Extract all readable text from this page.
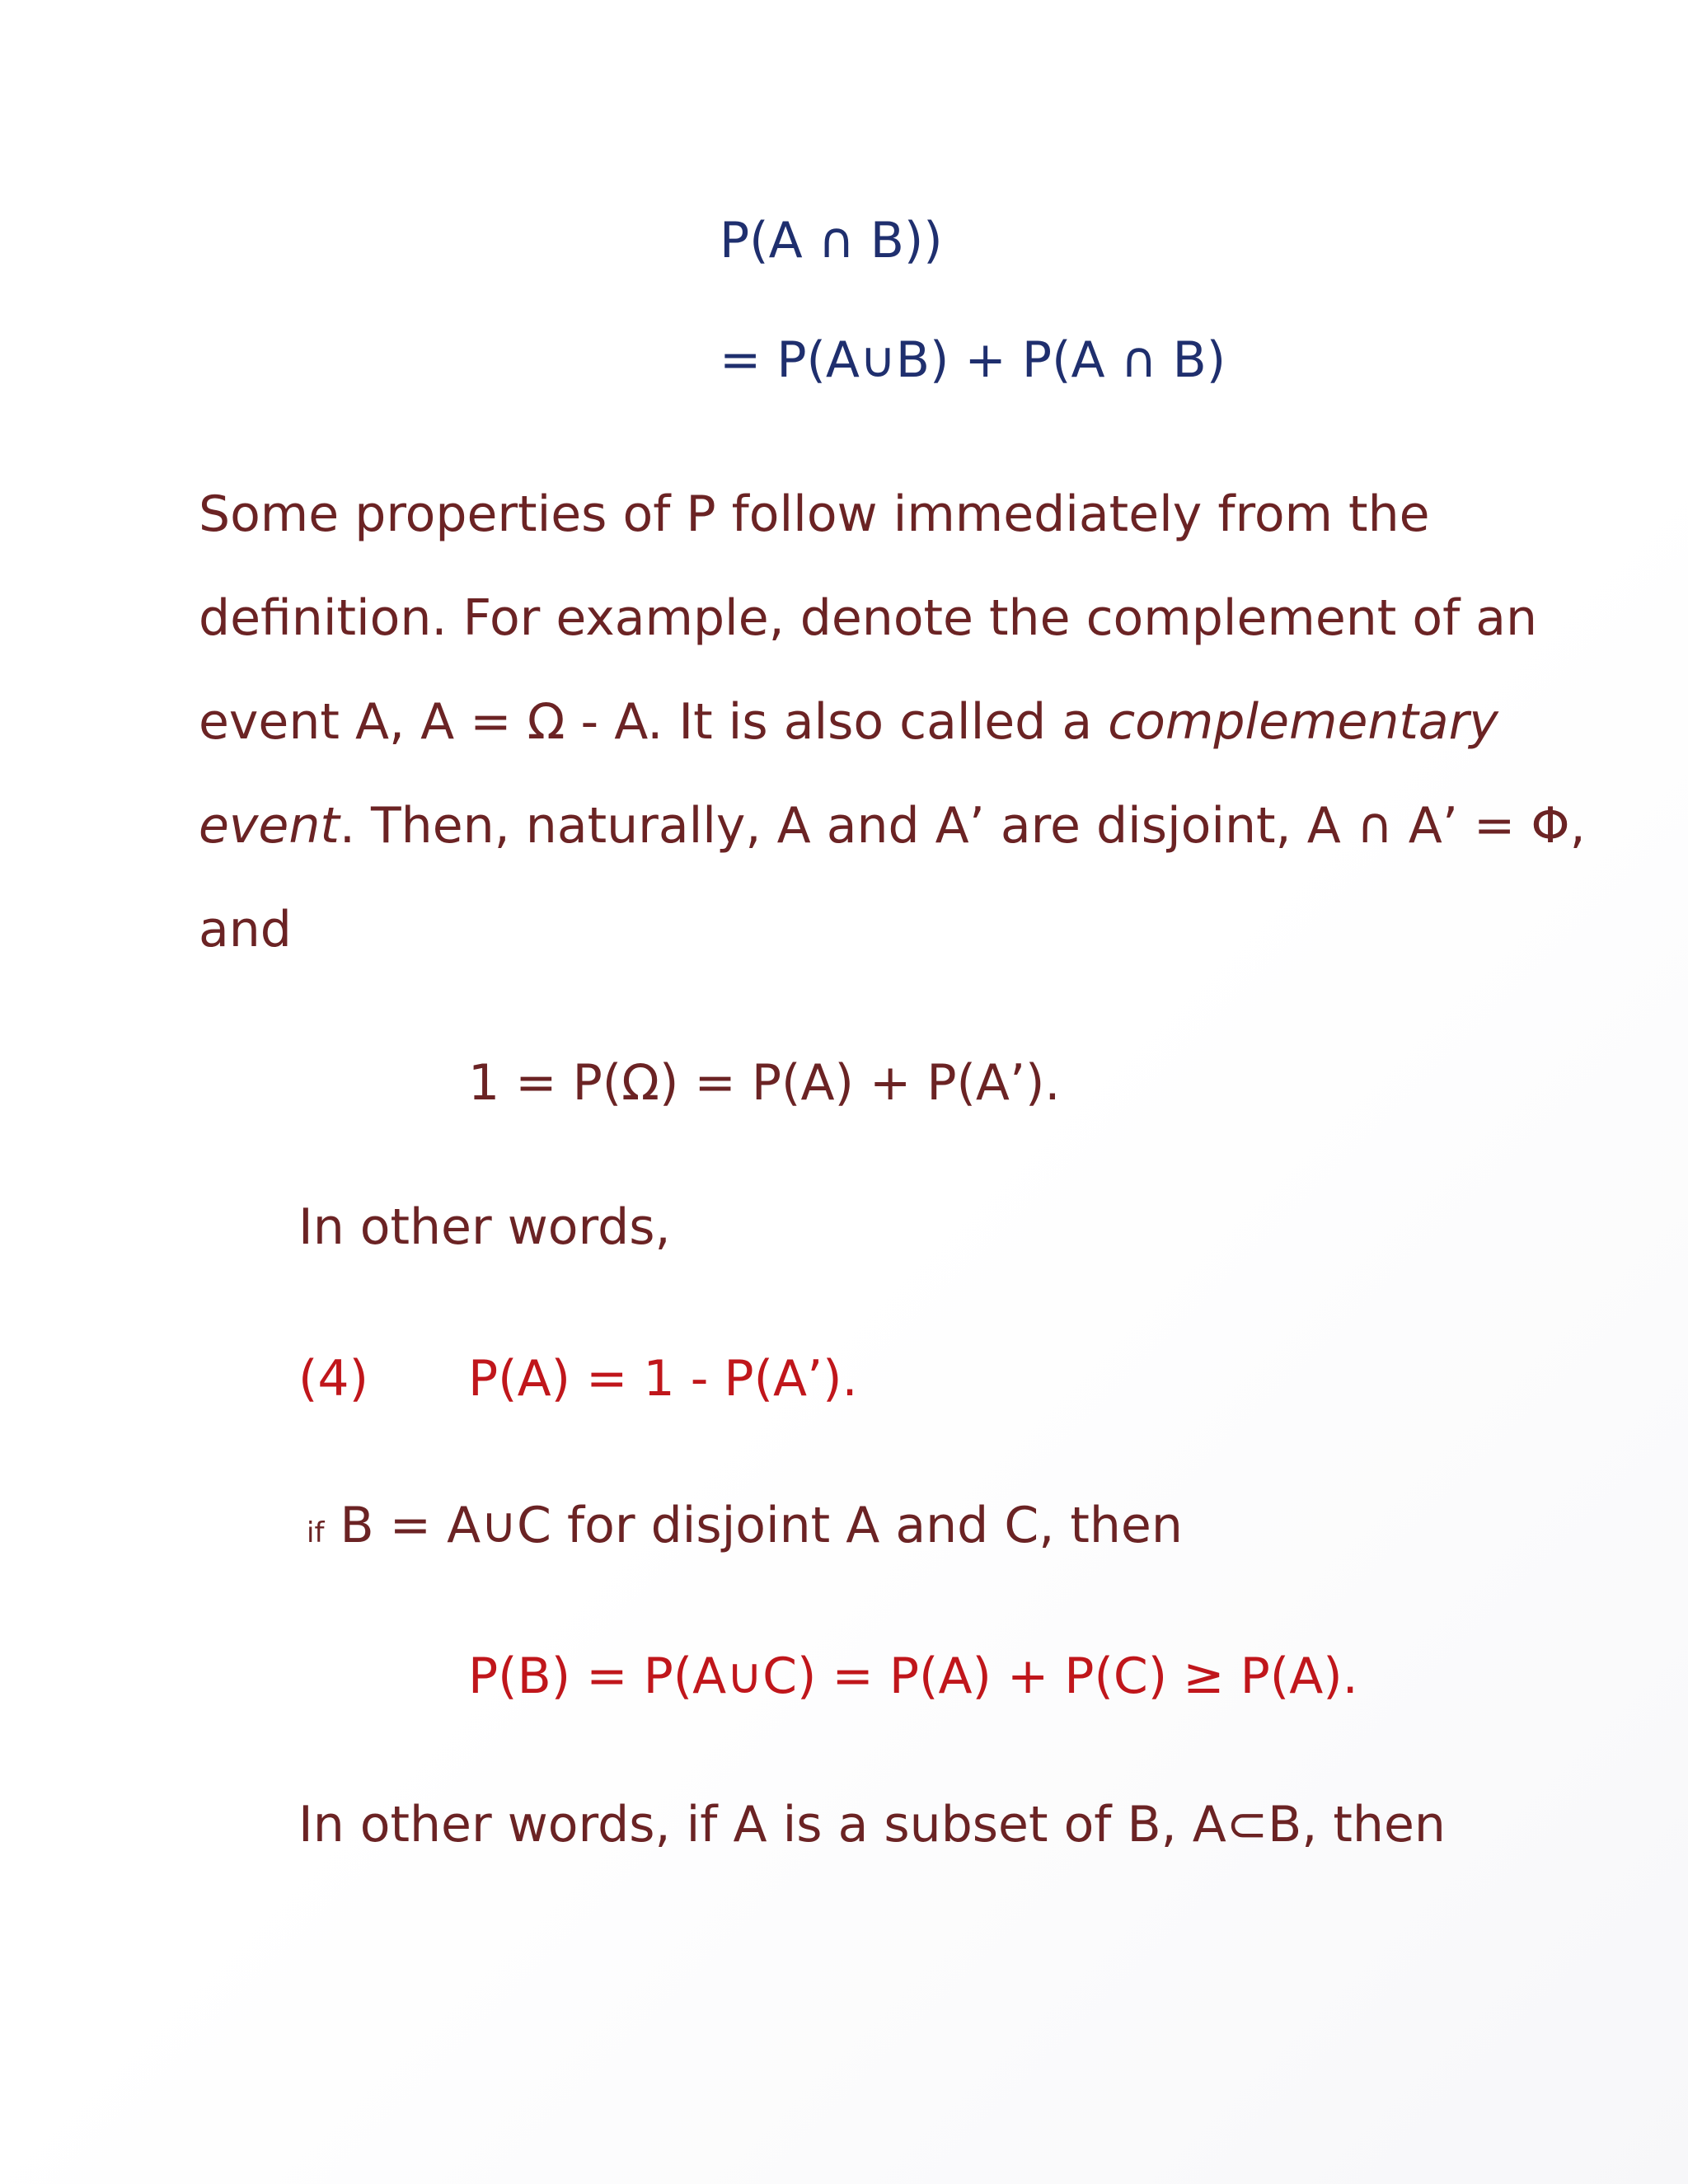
P(A ∩ B))
= P(A∪B) + P(A ∩ B)
Some properties of P follow immediately from the
definition. For example, denote the complement of an
event A, A = Ω - A. It is also called a complementary
event. Then, naturally, A and A’ are disjoint, A ∩ A’ = Φ,
and
1 = P(Ω) = P(A) + P(A’).
In other words,
(4) P(A) = 1 - P(A’).
if B = A∪C for disjoint A and C, then
P(B) = P(A∪C) = P(A) + P(C) ≥ P(A).
In other words, if A is a subset of B, A⊂B, then
